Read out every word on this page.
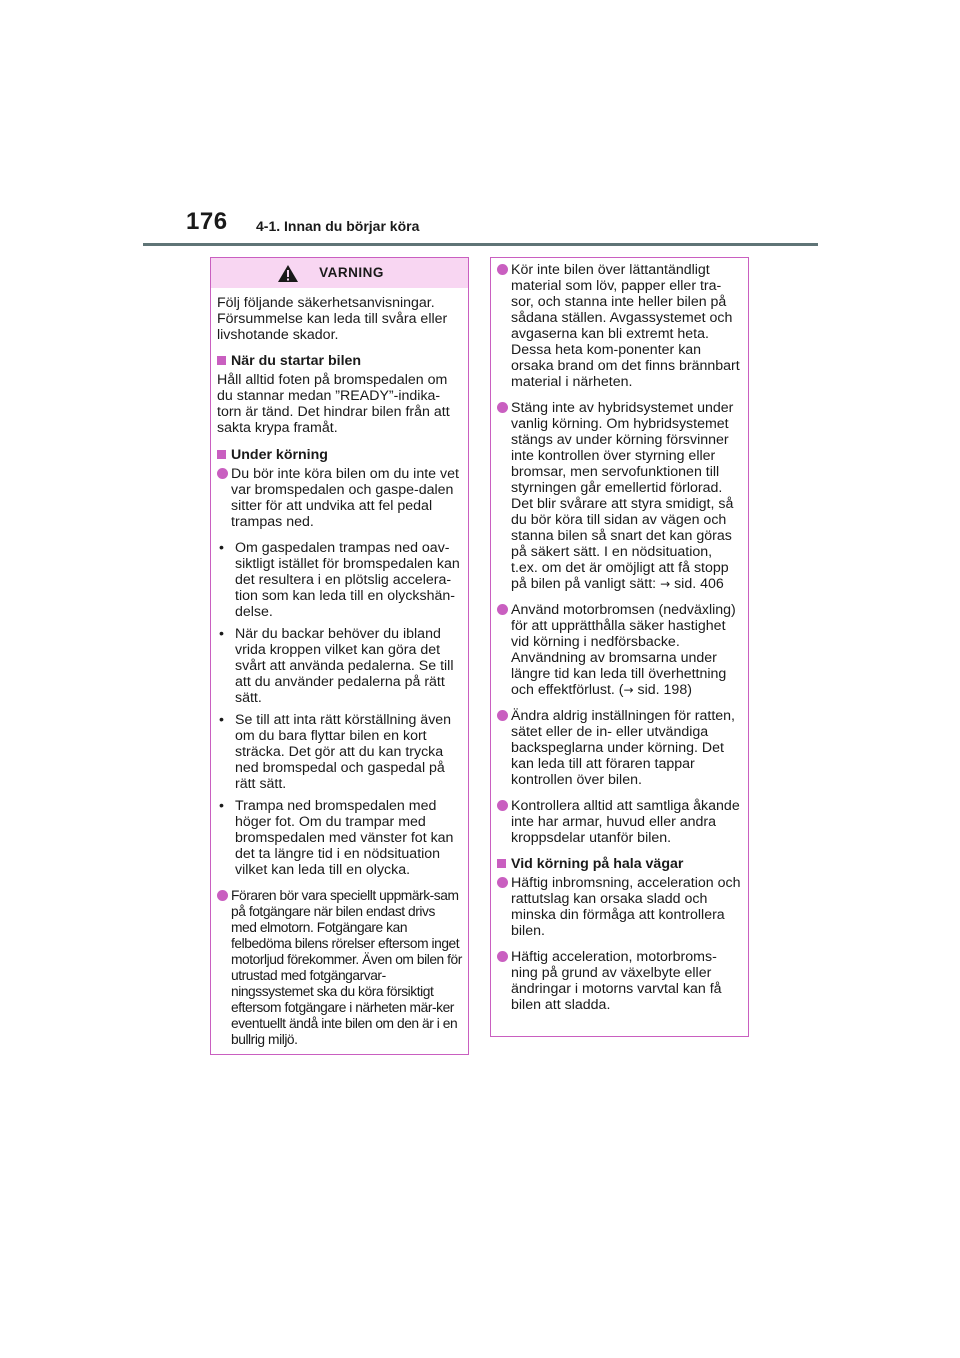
176 4-1. Innan du börjar köra
VARNING

Följ följande säkerhetsanvisningar. Försummelse kan leda till svåra eller livshotande skador.

När du startar bilen

Håll alltid foten på bromspedalen om du stannar medan ”READY”-indika-torn är tänd. Det hindrar bilen från att sakta krypa framåt.

Under körning
Du bör inte köra bilen om du inte vet var bromspedalen och gaspe-dalen sitter för att undvika att fel pedal trampas ned.
• Om gaspedalen trampas ned oav-siktligt istället för bromspedalen kan det resultera i en plötslig accelera-tion som kan leda till en olyckshän-delse.
• När du backar behöver du ibland vrida kroppen vilket kan göra det svårt att använda pedalerna. Se till att du använder pedalerna på rätt sätt.
• Se till att inta rätt körställning även om du bara flyttar bilen en kort sträcka. Det gör att du kan trycka ned bromspedal och gaspedal på rätt sätt.
• Trampa ned bromspedalen med höger fot. Om du trampar med bromspedalen med vänster fot kan det ta längre tid i en nödsituation vilket kan leda till en olycka.
Föraren bör vara speciellt uppmärk-sam på fotgängare när bilen endast drivs med elmotorn. Fotgängare kan felbedöma bilens rörelser eftersom inget motorljud förekommer. Även om bilen för utrustad med fotgängarvar-ningssystemet ska du köra försiktigt eftersom fotgängare i närheten mär-ker eventuellt ändå inte bilen om den är i en bullrig miljö.
Kör inte bilen över lättantändligt material som löv, papper eller tra-sor, och stanna inte heller bilen på sådana ställen. Avgassystemet och avgaserna kan bli extremt heta. Dessa heta kom-ponenter kan orsaka brand om det finns brännbart material i närheten.
Stäng inte av hybridsystemet under vanlig körning. Om hybridsystemet stängs av under körning försvinner inte kontrollen över styrning eller bromsar, men servofunktionen till styrningen går emellertid förlorad. Det blir svårare att styra smidigt, så du bör köra till sidan av vägen och stanna bilen så snart det kan göras på säkert sätt. I en nödsituation, t.ex. om det är omöjligt att få stopp på bilen på vanligt sätt: → sid. 406
Använd motorbromsen (nedväxling) för att upprätthålla säker hastighet vid körning i nedförsbacke. Användning av bromsarna under längre tid kan leda till överhettning och effektförlust. (→ sid. 198)
Ändra aldrig inställningen för ratten, sätet eller de in- eller utvändiga backspeglarna under körning. Det kan leda till att föraren tappar kontrollen över bilen.
Kontrollera alltid att samtliga åkande inte har armar, huvud eller andra kroppsdelar utanför bilen.
Vid körning på hala vägar
Häftig inbromsning, acceleration och rattutslag kan orsaka sladd och minska din förmåga att kontrollera bilen.
Häftig acceleration, motorbroms-ning på grund av växelbyte eller ändringar i motorns varvtal kan få bilen att sladda.
